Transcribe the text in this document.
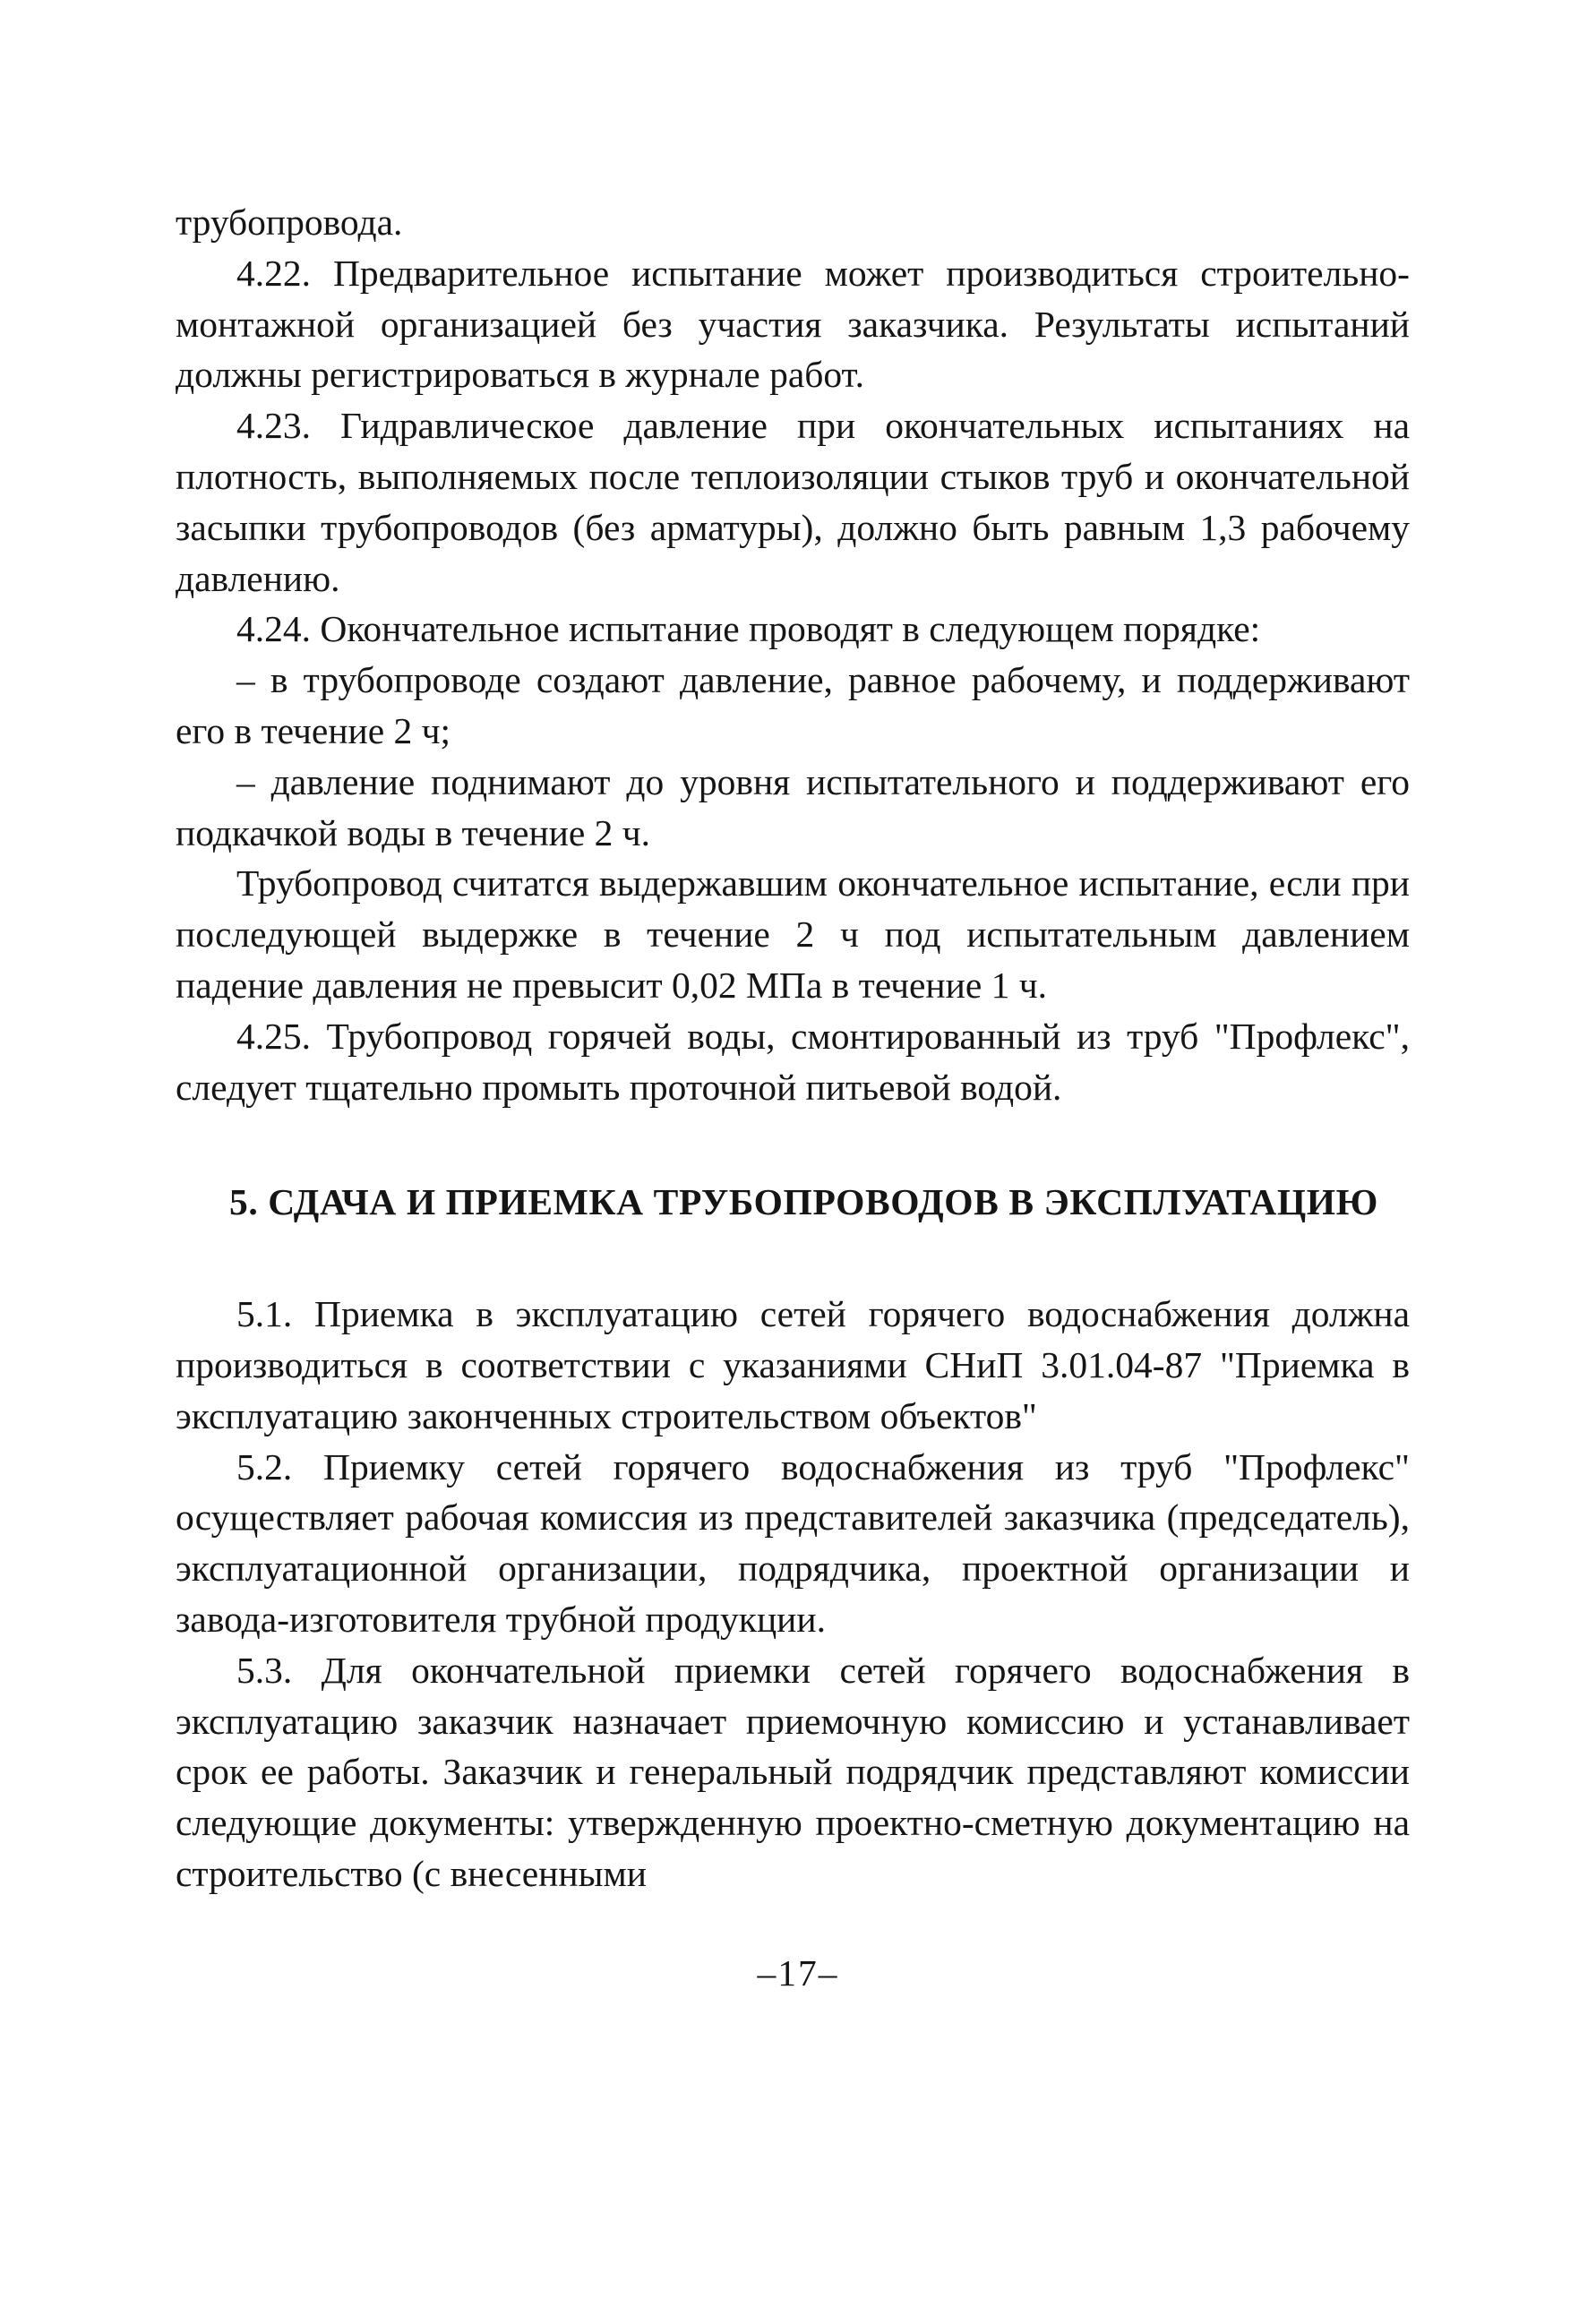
трубопровода.

4.22. Предварительное испытание может производиться строительно-монтажной организацией без участия заказчика. Результаты испытаний должны регистрироваться в журнале работ.

4.23. Гидравлическое давление при окончательных испытаниях на плотность, выполняемых после теплоизоляции стыков труб и окончательной засыпки трубопроводов (без арматуры), должно быть равным 1,3 рабочему давлению.

4.24. Окончательное испытание проводят в следующем порядке:

– в трубопроводе создают давление, равное рабочему, и поддерживают его в течение 2 ч;

– давление поднимают до уровня испытательного и поддерживают его подкачкой воды в течение 2 ч.

Трубопровод считатся выдержавшим окончательное испытание, если при последующей выдержке в течение 2 ч под испытательным давлением падение давления не превысит 0,02 МПа в течение 1 ч.

4.25. Трубопровод горячей воды, смонтированный из труб "Профлекс", следует тщательно промыть проточной питьевой водой.

5. СДАЧА И ПРИЕМКА ТРУБОПРОВОДОВ В ЭКСПЛУАТАЦИЮ

5.1. Приемка в эксплуатацию сетей горячего водоснабжения должна производиться в соответствии с указаниями СНиП 3.01.04-87 "Приемка в эксплуатацию законченных строительством объектов"

5.2. Приемку сетей горячего водоснабжения из труб "Профлекс" осуществляет рабочая комиссия из представителей заказчика (председатель), эксплуатационной организации, подрядчика, проектной организации и завода-изготовителя трубной продукции.

5.3. Для окончательной приемки сетей горячего водоснабжения в эксплуатацию заказчик назначает приемочную комиссию и устанавливает срок ее работы. Заказчик и генеральный подрядчик представляют комиссии следующие документы: утвержденную проектно-сметную документацию на строительство (с внесенными

–17–
